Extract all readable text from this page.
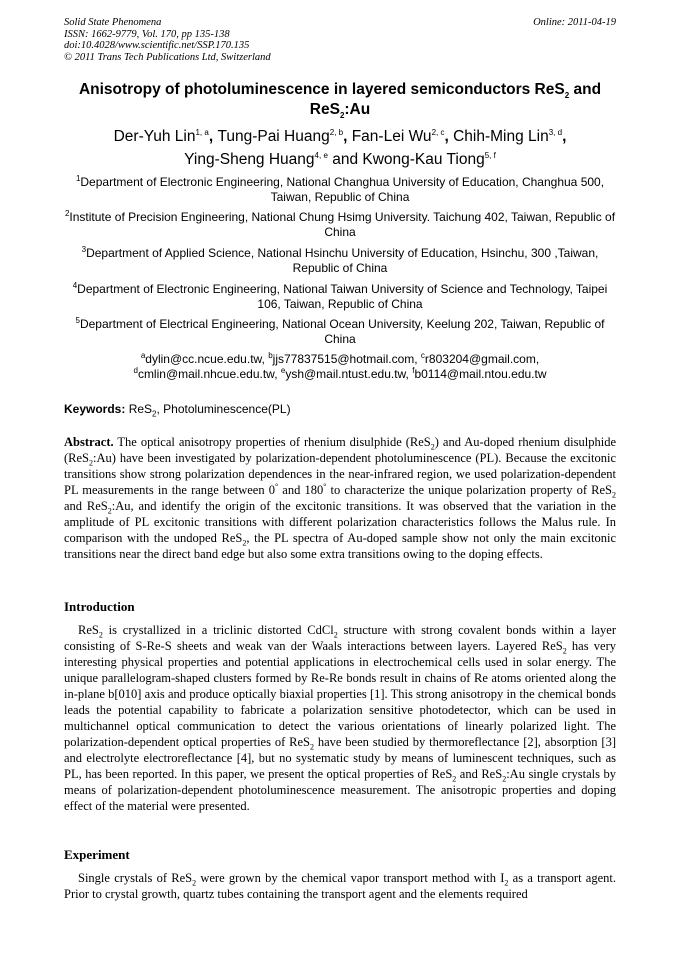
Solid State Phenomena
ISSN: 1662-9779, Vol. 170, pp 135-138
doi:10.4028/www.scientific.net/SSP.170.135
© 2011 Trans Tech Publications Ltd, Switzerland
Online: 2011-04-19
Anisotropy of photoluminescence in layered semiconductors ReS$_2$ and
ReS$_2$:Au
Der-Yuh Lin$^{1, a}$, Tung-Pai Huang$^{2, b}$, Fan-Lei Wu$^{2, c}$, Chih-Ming Lin$^{3, d}$,
Ying-Sheng Huang$^{4, e}$ and Kwong-Kau Tiong$^{5, f}$
$^1$Department of Electronic Engineering, National Changhua University of Education, Changhua 500, Taiwan, Republic of China
$^2$Institute of Precision Engineering, National Chung Hsimg University. Taichung 402, Taiwan, Republic of China
$^3$Department of Applied Science, National Hsinchu University of Education, Hsinchu, 300 ,Taiwan, Republic of China
$^4$Department of Electronic Engineering, National Taiwan University of Science and Technology, Taipei 106, Taiwan, Republic of China
$^5$Department of Electrical Engineering, National Ocean University, Keelung 202, Taiwan, Republic of China
$^a$dylin@cc.ncue.edu.tw, $^b$jjs77837515@hotmail.com, $^c$r803204@gmail.com,
$^d$cmlin@mail.nhcue.edu.tw, $^e$ysh@mail.ntust.edu.tw, $^f$b0114@mail.ntou.edu.tw
Keywords: ReS$_2$, Photoluminescence(PL)
Abstract. The optical anisotropy properties of rhenium disulphide (ReS$_2$) and Au-doped rhenium disulphide (ReS$_2$:Au) have been investigated by polarization-dependent photoluminescence (PL). Because the excitonic transitions show strong polarization dependences in the near-infrared region, we used polarization-dependent PL measurements in the range between 0° and 180° to characterize the unique polarization property of ReS$_2$ and ReS$_2$:Au, and identify the origin of the excitonic transitions. It was observed that the variation in the amplitude of PL excitonic transitions with different polarization characteristics follows the Malus rule. In comparison with the undoped ReS$_2$, the PL spectra of Au-doped sample show not only the main excitonic transitions near the direct band edge but also some extra transitions owing to the doping effects.
Introduction
ReS$_2$ is crystallized in a triclinic distorted CdCl$_2$ structure with strong covalent bonds within a layer consisting of S-Re-S sheets and weak van der Waals interactions between layers. Layered ReS$_2$ has very interesting physical properties and potential applications in electrochemical cells used in solar energy. The unique parallelogram-shaped clusters formed by Re-Re bonds result in chains of Re atoms oriented along the in-plane b[010] axis and produce optically biaxial properties [1]. This strong anisotropy in the chemical bonds leads the potential capability to fabricate a polarization sensitive photodetector, which can be used in multichannel optical communication to detect the various orientations of linearly polarized light. The polarization-dependent optical properties of ReS$_2$ have been studied by thermoreflectance [2], absorption [3] and electrolyte electroreflectance [4], but no systematic study by means of luminescent techniques, such as PL, has been reported. In this paper, we present the optical properties of ReS$_2$ and ReS$_2$:Au single crystals by means of polarization-dependent photoluminescence measurement. The anisotropic properties and doping effect of the material were presented.
Experiment
Single crystals of ReS$_2$ were grown by the chemical vapor transport method with $I_2$ as a transport agent. Prior to crystal growth, quartz tubes containing the transport agent and the elements required
